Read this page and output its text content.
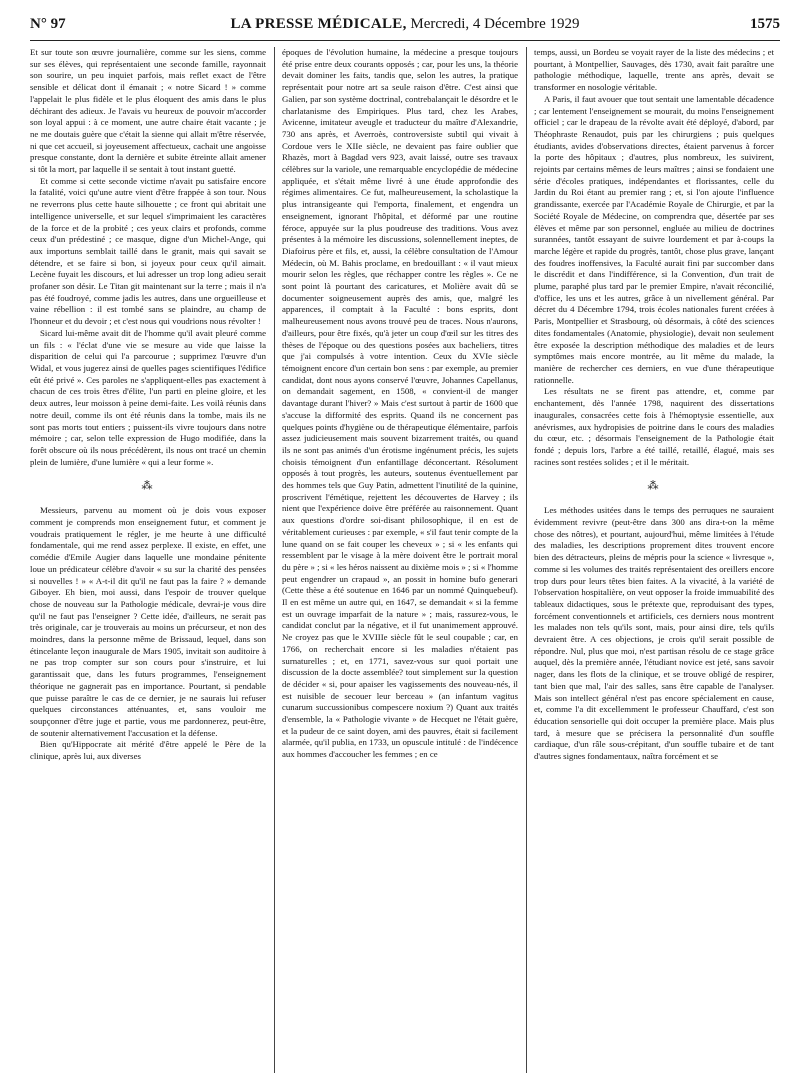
N° 97	LA PRESSE MÉDICALE, Mercredi, 4 Décembre 1929	1575

Et sur toute son œuvre journalière, comme sur les siens, comme sur ses élèves, qui représentaient une seconde famille, rayonnait son sourire, un peu inquiet parfois, mais reflet exact de l'être sensible et délicat dont il émanait ; « notre Sicard ! » comme l'appelait le plus fidèle et le plus éloquent des amis dans le plus déchirant des adieux. Je l'avais vu heureux de pouvoir m'accorder son loyal appui : à ce moment, une autre chaire était vacante ; je ne me doutais guère que c'était la sienne qui allait m'être réservée, ni que cet accueil, si joyeusement affectueux, cachait une angoisse presque constante, dont la dernière et subite étreinte allait amener si tôt la mort, par laquelle il se sentait à tout instant guetté.

Et comme si cette seconde victime n'avait pu satisfaire encore la fatalité, voici qu'une autre vient d'être frappée à son tour. Nous ne reverrons plus cette haute silhouette ; ce front qui abritait une intelligence universelle, et sur lequel s'imprimaient les caractères de la force et de la probité ; ces yeux clairs et profonds, comme ceux d'un prédestiné ; ce masque, digne d'un Michel-Ange, qui aux importuns semblait taillé dans le granit, mais qui savait se détendre, et se faire si bon, si joyeux pour ceux qu'il aimait. Lecène fuyait les discours, et lui adresser un trop long adieu serait profaner son désir. Le Titan git maintenant sur la terre ; mais il n'a pas été foudroyé, comme jadis les autres, dans une orgueilleuse et vaine rébellion : il est tombé sans se plaindre, au champ de l'honneur et du devoir ; et c'est nous qui voudrions nous révolter !

Sicard lui-même avait dit de l'homme qu'il avait pleuré comme un fils : « l'éclat d'une vie se mesure au vide que laisse la disparition de celui qui l'a parcourue ; supprimez l'œuvre d'un Widal, et vous jugerez ainsi de quelles pages scientifiques l'édifice eût été privé ». Ces paroles ne s'appliquent-elles pas exactement à chacun de ces trois êtres d'élite, l'un parti en pleine gloire, et les deux autres, leur moisson à peine demi-faite. Les voilà réunis dans notre deuil, comme ils ont été réunis dans la tombe, mais ils ne sont pas morts tout entiers ; puissent-ils vivre toujours dans notre mémoire ; car, selon telle expression de Hugo modifiée, dans la forêt obscure où ils nous précédèrent, ils nous ont tracé un chemin plein de lumière, d'une lumière « qui a leur forme ».

⁂

Messieurs, parvenu au moment où je dois vous exposer comment je comprends mon enseignement futur, et comment je voudrais pratiquement le régler, je me heurte à une difficulté fondamentale, qui me rend assez perplexe. Il existe, en effet, une comédie d'Emile Augier dans laquelle une mondaine pénitente loue un prédicateur célèbre d'avoir « su sur la charité des pensées si nouvelles ! » « A-t-il dit qu'il ne faut pas la faire ? » demande Giboyer. Eh bien, moi aussi, dans l'espoir de trouver quelque chose de nouveau sur la Pathologie médicale, devrai-je vous dire qu'il ne faut pas l'enseigner ? Cette idée, d'ailleurs, ne serait pas très originale, car je trouverais au moins un précurseur, et non des moindres, dans la personne même de Brissaud, lequel, dans son étincelante leçon inaugurale de Mars 1905, invitait son auditoire à ne pas trop compter sur son cours pour s'instruire, et lui garantissait que, dans les futurs programmes, l'enseignement théorique ne gagnerait pas en importance. Pourtant, si pendable que puisse paraître le cas de ce dernier, je ne saurais lui refuser quelques circonstances atténuantes, et, sans vouloir me soupçonner d'être juge et partie, vous me pardonnerez, peut-être, de soutenir alternativement l'accusation et la défense.

Bien qu'Hippocrate ait mérité d'être appelé le Père de la clinique, après lui, aux diverses

époques de l'évolution humaine, la médecine a presque toujours été prise entre deux courants opposés ; car, pour les uns, la théorie devait dominer les faits, tandis que, selon les autres, la pratique représentait pour notre art sa seule raison d'être. C'est ainsi que Galien, par son système doctrinal, contrebalançait le désordre et le charlatanisme des Empiriques. Plus tard, chez les Arabes, Avicenne, imitateur aveugle et traducteur du maître d'Alexandrie, 730 ans après, et Averroès, controversiste subtil qui vivait à Cordoue vers le XIIe siècle, ne devaient pas faire oublier que Rhazès, mort à Bagdad vers 923, avait laissé, outre ses travaux célèbres sur la variole, une remarquable encyclopédie de médecine appliquée, et s'était même livré à une étude approfondie des régimes alimentaires. Ce fut, malheureusement, la scholastique la plus intransigeante qui l'emporta, finalement, et engendra un enseignement, ignorant l'hôpital, et déformé par une routine féroce, appuyée sur la plus poudreuse des traditions. Vous avez présentes à la mémoire les discussions, solennellement ineptes, de Diafoirus père et fils, et, aussi, la célèbre consultation de l'Amour Médecin, où M. Bahis proclame, en bredouillant : « il vaut mieux mourir selon les règles, que réchapper contre les règles ». Ce ne sont point là pourtant des caricatures, et Molière avait dû se documenter soigneusement auprès des amis, que, malgré les apparences, il comptait à la Faculté : bons esprits, dont malheureusement nous avons trouvé peu de traces. Nous n'aurons, d'ailleurs, pour être fixés, qu'à jeter un coup d'œil sur les titres des thèses de l'époque ou des questions posées aux bacheliers, titres que j'ai compulsés à votre intention. Ceux du XVIe siècle témoignent encore d'un certain bon sens : par exemple, au premier candidat, dont nous ayons conservé l'œuvre, Johannes Capellanus, on demandait sagement, en 1508, « convient-il de manger davantage durant l'hiver? » Mais c'est surtout à partir de 1600 que s'accuse la difformité des esprits. Quand ils ne concernent pas quelques points d'hygiène ou de thérapeutique élémentaire, parfois assez judicieusement mais souvent bizarrement traités, ou quand ils ne sont pas animés d'un érotisme ingénument précis, les sujets choisis témoignent d'un enfantillage déconcertant. Résolument opposés à tout progrès, les auteurs, soutenus éventuellement par des hommes tels que Guy Patin, admettent l'inutilité de la quinine, proscrivent l'émétique, rejettent les découvertes de Harvey ; ils nient que l'expérience doive être préférée au raisonnement. Quant aux questions d'ordre soi-disant philosophique, il en est de véritablement curieuses : par exemple, « s'il faut tenir compte de la lune quand on se fait couper les cheveux » ; si « les enfants qui ressemblent par le visage à la mère doivent être le portrait moral du père » ; si « les héros naissent au dixième mois » ; si « l'homme peut engendrer un crapaud », an possit in homine bufo generari (Cette thèse a été soutenue en 1646 par un nommé Quinquebeuf). Il en est même un autre qui, en 1647, se demandait « si la femme est un ouvrage imparfait de la nature » ; mais, rassurez-vous, le candidat conclut par la négative, et il fut unanimement approuvé. Ne croyez pas que le XVIIIe siècle fût le seul coupable ; car, en 1766, on recherchait encore si les maladies n'étaient pas surnaturelles ; et, en 1771, savez-vous sur quoi portait une discussion de la docte assemblée? tout simplement sur la question de décider « si, pour apaiser les vagissements des nouveau-nés, il est nuisible de secouer leur berceau » (an infantum vagitus cunarum succussionibus compescere noxium ?) Quant aux traités d'ensemble, la « Pathologie vivante » de Hecquet ne l'était guère, et la pudeur de ce saint doyen, ami des pauvres, était si facilement alarmée, qu'il publia, en 1733, un opuscule intitulé : de l'indécence aux hommes d'accoucher les femmes ; en ce

temps, aussi, un Bordeu se voyait rayer de la liste des médecins ; et pourtant, à Montpellier, Sauvages, dès 1730, avait fait paraître une pathologie méthodique, laquelle, trente ans après, devait se transformer en nosologie véritable.

A Paris, il faut avouer que tout sentait une lamentable décadence ; car lentement l'enseignement se mourait, du moins l'enseignement officiel ; car le drapeau de la révolte avait été déployé, d'abord, par Théophraste Renaudot, puis par les chirurgiens ; puis quelques étudiants, avides d'observations directes, étaient parvenus à forcer la porte des hôpitaux ; d'autres, plus nombreux, les suivirent, rejoints par certains mêmes de leurs maîtres ; ainsi se fondaient une série d'écoles pratiques, indépendantes et florissantes, celle du Jardin du Roi étant au premier rang ; et, si l'on ajoute l'influence grandissante, exercée par l'Académie Royale de Chirurgie, et par la Société Royale de Médecine, on comprendra que, désertée par ses élèves et même par son personnel, engluée au milieu de doctrines surannées, tantôt essayant de suivre lourdement et par à-coups la marche légère et rapide du progrès, tantôt, chose plus grave, lançant des foudres inoffensives, la Faculté aurait fini par succomber dans le discrédit et dans l'indifférence, si la Convention, d'un trait de plume, paraphé plus tard par le premier Empire, n'avait réconcilié, d'office, les uns et les autres, grâce à un nivellement général. Par décret du 4 Décembre 1794, trois écoles nationales furent créées à Paris, Montpellier et Strasbourg, où désormais, à côté des sciences dites fondamentales (Anatomie, physiologie), devait non seulement être exposée la description méthodique des maladies et de leurs symptômes mais encore montrée, au lit même du malade, la manière de rechercher ces derniers, en vue d'une thérapeutique rationnelle.

Les résultats ne se firent pas attendre, et, comme par enchantement, dès l'année 1798, naquirent des dissertations inaugurales, consacrées cette fois à l'hémoptysie essentielle, aux anévrismes, aux hydropisies de poitrine dans le cours des maladies du cœur, etc. ; désormais l'enseignement de la Pathologie était fondé ; depuis lors, l'arbre a été taillé, retaillé, élagué, mais ses racines sont restées solides ; et il le méritait.

⁂

Les méthodes usitées dans le temps des perruques ne sauraient évidemment revivre (peut-être dans 300 ans dira-t-on la même chose des nôtres), et pourtant, aujourd'hui, même limitées à l'étude des maladies, les descriptions proprement dites trouvent encore bien des détracteurs, pleins de mépris pour la science « livresque », comme si les volumes des traités représentaient des oreillers encore trop durs pour leurs têtes bien faites. A la vivacité, à la variété de l'observation hospitalière, on veut opposer la froide immuabilité des tableaux didactiques, sous le prétexte que, reproduisant des types, forcément conventionnels et artificiels, ces derniers nous montrent les malades non tels qu'ils sont, mais, pour ainsi dire, tels qu'ils devraient être. A ces objections, je crois qu'il serait possible de répondre. Nul, plus que moi, n'est partisan résolu de ce stage grâce auquel, dès la première année, l'étudiant novice est jeté, sans savoir nager, dans les flots de la clinique, et se trouve obligé de respirer, tant bien que mal, l'air des salles, sans être capable de l'analyser. Mais son intellect général n'est pas encore spécialement en cause, et, comme l'a dit excellemment le professeur Chauffard, c'est son éducation sensorielle qui doit occuper la première place. Mais plus tard, à mesure que se précisera la personnalité d'un souffle cardiaque, d'un râle sous-crépitant, d'un souffle tubaire et de tant d'autres signes fondamentaux, naîtra forcément et se
